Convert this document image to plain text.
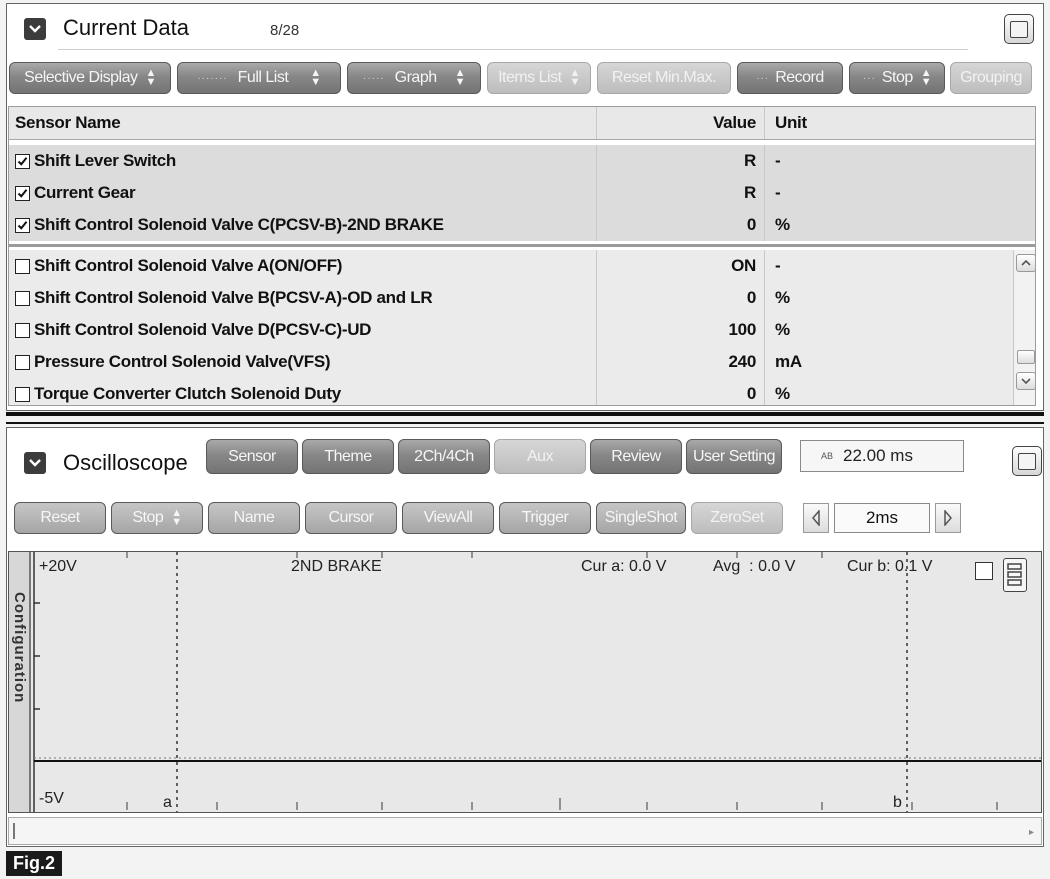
Current Data	8/28
Selective Display ▲
▼	······· Full List ▲
▼	····· Graph ▲
▼ Items List ▲
▼ Reset Min.Max.	··· Record	··· Stop ▲
▼ Grouping
Sensor Name	Value	Unit
Shift Lever Switch	R	-
Current Gear	R	-
Shift Control Solenoid Valve C(PCSV-B)-2ND BRAKE	0	%
Shift Control Solenoid Valve A(ON/OFF)	ON	-
Shift Control Solenoid Valve B(PCSV-A)-OD and LR	0	%
Shift Control Solenoid Valve D(PCSV-C)-UD	100	%
Pressure Control Solenoid Valve(VFS)	240	mA
Torque Converter Clutch Solenoid Duty	0	%
Oscilloscope	Sensor	Theme	2Ch/4Ch	Aux	Review	User Setting	AB 22.00 ms
Reset	Stop ▲
▼	Name	Cursor	ViewAll	Trigger	SingleShot	ZeroSet	2ms
Configuration
+20V
-5V
2ND BRAKE	Cur a: 0.0 V	Avg  : 0.0 V	Cur b: 0.1 V
a	b
▸
Fig.2
